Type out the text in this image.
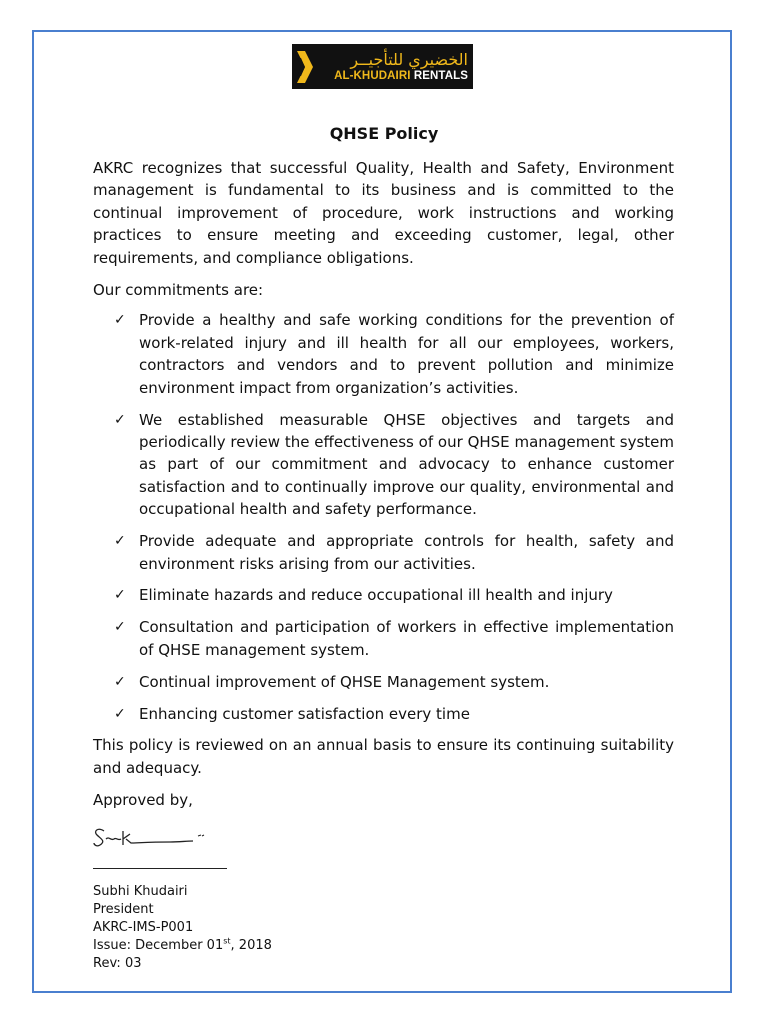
الخضيري للتأجيــر
AL-KHUDAIRI RENTALS
QHSE Policy

AKRC recognizes that successful Quality, Health and Safety, Environment management is fundamental to its business and is committed to the continual improvement of procedure, work instructions and working practices to ensure meeting and exceeding customer, legal, other requirements, and compliance obligations.

Our commitments are:

✓ Provide a healthy and safe working conditions for the prevention of work-related injury and ill health for all our employees, workers, contractors and vendors and to prevent pollution and minimize environment impact from organization’s activities.
✓ We established measurable QHSE objectives and targets and periodically review the effectiveness of our QHSE management system as part of our commitment and advocacy to enhance customer satisfaction and to continually improve our quality, environmental and occupational health and safety performance.
✓ Provide adequate and appropriate controls for health, safety and environment risks arising from our activities.
✓ Eliminate hazards and reduce occupational ill health and injury
✓ Consultation and participation of workers in effective implementation of QHSE management system.
✓ Continual improvement of QHSE Management system.
✓ Enhancing customer satisfaction every time

This policy is reviewed on an annual basis to ensure its continuing suitability and adequacy.

Approved by,

Subhi Khudairi
President
AKRC-IMS-P001
Issue: December 01st, 2018
Rev: 03
